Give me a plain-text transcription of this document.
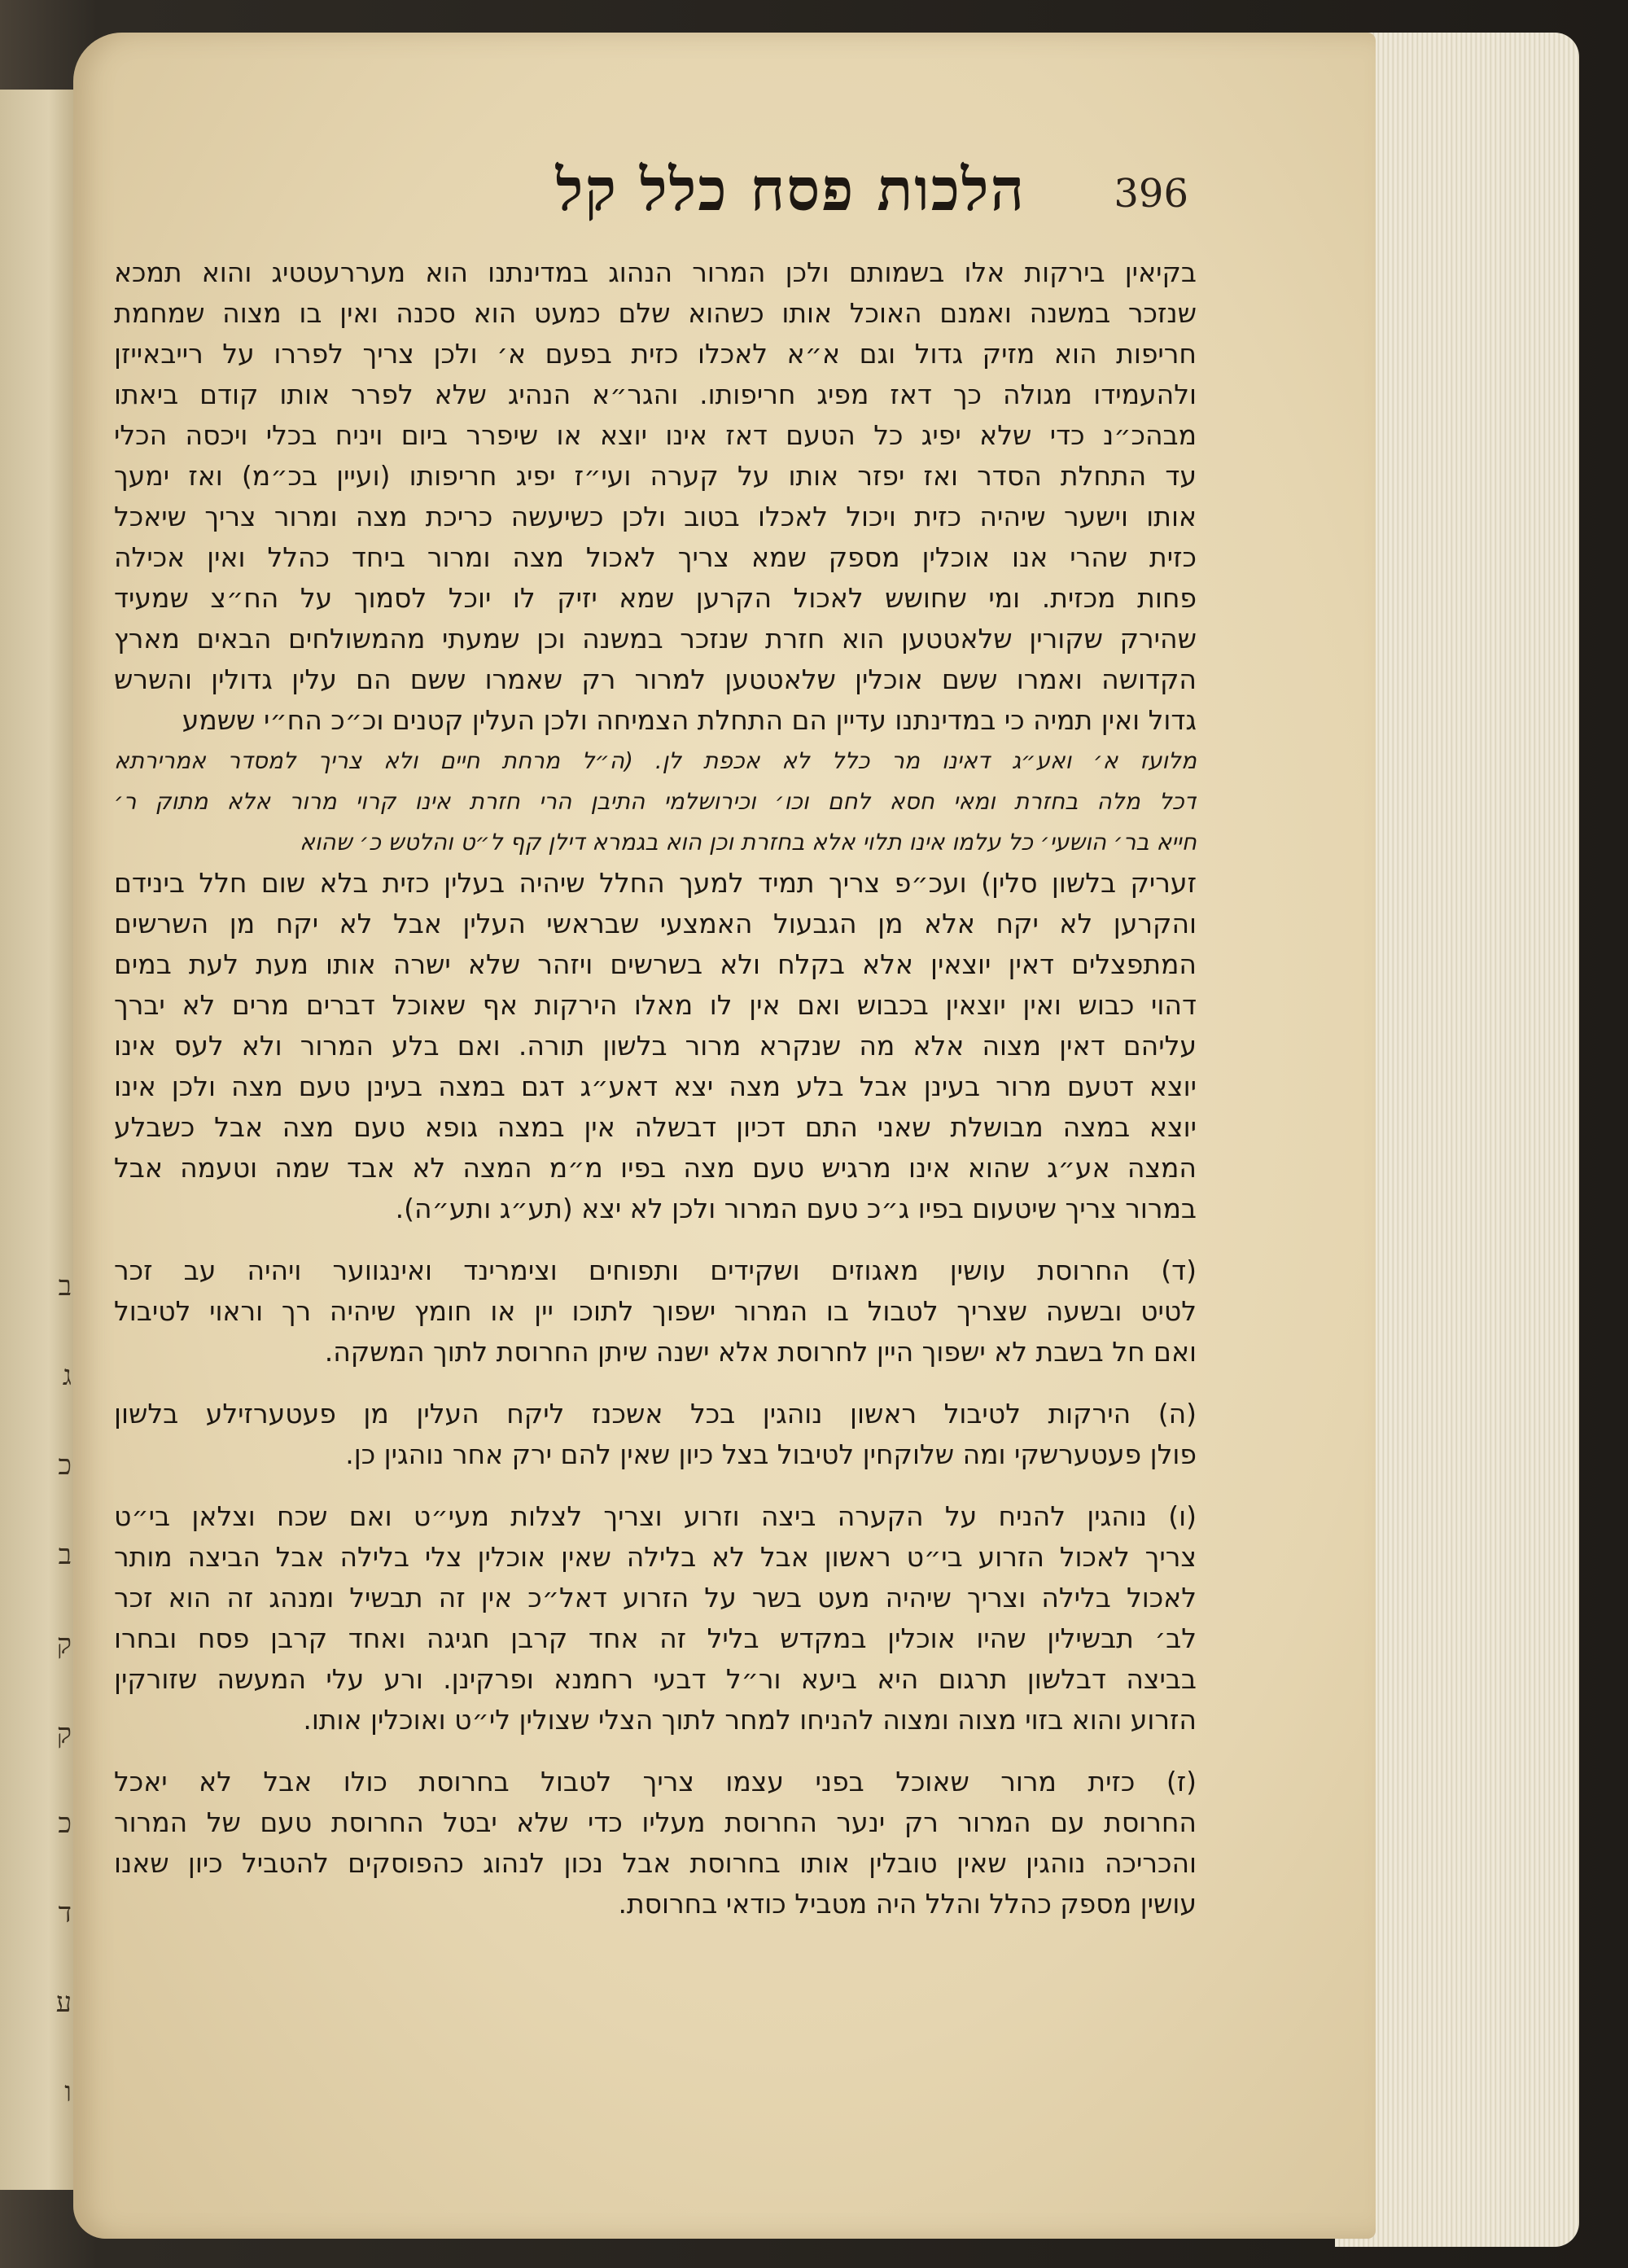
ב
ג
כ
ב
ק
ק
כ
ד
ע
ו
הלכות פסח כלל קל 396
בקיאין בירקות אלו בשמותם ולכן המרור הנהוג במדינתנו הוא מעררעטטיג והוא תמכא
שנזכר במשנה ואמנם האוכל אותו כשהוא שלם כמעט הוא סכנה ואין בו מצוה שמחמת
חריפות הוא מזיק גדול וגם א״א לאכלו כזית בפעם א׳ ולכן צריך לפררו על רייבאייזן
ולהעמידו מגולה כך דאז מפיג חריפותו. והגר״א הנהיג שלא לפרר אותו קודם ביאתו
מבהכ״נ כדי שלא יפיג כל הטעם דאז אינו יוצא או שיפרר ביום ויניח בכלי ויכסה הכלי
עד התחלת הסדר ואז יפזר אותו על קערה ועי״ז יפיג חריפותו (ועיין בכ״מ) ואז ימעך
אותו וישער שיהיה כזית ויכול לאכלו בטוב ולכן כשיעשה כריכת מצה ומרור צריך שיאכל
כזית שהרי אנו אוכלין מספק שמא צריך לאכול מצה ומרור ביחד כהלל ואין אכילה
פחות מכזית. ומי שחושש לאכול הקרען שמא יזיק לו יוכל לסמוך על הח״צ שמעיד
שהירק שקורין שלאטטען הוא חזרת שנזכר במשנה וכן שמעתי מהמשולחים הבאים מארץ
הקדושה ואמרו ששם אוכלין שלאטטען למרור רק שאמרו ששם הם עלין גדולין והשרש
גדול ואין תמיה כי במדינתנו עדיין הם התחלת הצמיחה ולכן העלין קטנים וכ״כ הח״י ששמע
מלועז א׳ ואע״ג דאינו מר כלל לא אכפת לן. (ה״ל מרחת חיים ולא צריך למסדר אמרירתא
דכל מלה בחזרת ומאי חסא לחם וכו׳ וכירושלמי התיבן הרי חזרת אינו קרוי מרור אלא מתוק ר׳
חייא בר׳ הושעי׳ כל עלמו אינו תלוי אלא בחזרת וכן הוא בגמרא דילן קף ל״ט והלטש כ׳ שהוא
זעריק בלשון סלין) ועכ״פ צריך תמיד למעך החלל שיהיה בעלין כזית בלא שום חלל בינידם
והקרען לא יקח אלא מן הגבעול האמצעי שבראשי העלין אבל לא יקח מן השרשים
המתפצלים דאין יוצאין אלא בקלח ולא בשרשים ויזהר שלא ישרה אותו מעת לעת במים
דהוי כבוש ואין יוצאין בכבוש ואם אין לו מאלו הירקות אף שאוכל דברים מרים לא יברך
עליהם דאין מצוה אלא מה שנקרא מרור בלשון תורה. ואם בלע המרור ולא לעס אינו
יוצא דטעם מרור בעינן אבל בלע מצה יצא דאע״ג דגם במצה בעינן טעם מצה ולכן אינו
יוצא במצה מבושלת שאני התם דכיון דבשלה אין במצה גופא טעם מצה אבל כשבלע
המצה אע״ג שהוא אינו מרגיש טעם מצה בפיו מ״מ המצה לא אבד שמה וטעמה אבל
במרור צריך שיטעום בפיו ג״כ טעם המרור ולכן לא יצא (תע״ג ותע״ה).
(ד) החרוסת עושין מאגוזים ושקידים ותפוחים וצימרינד ואינגווער ויהיה עב זכר
לטיט ובשעה שצריך לטבול בו המרור ישפוך לתוכו יין או חומץ שיהיה רך וראוי לטיבול
ואם חל בשבת לא ישפוך היין לחרוסת אלא ישנה שיתן החרוסת לתוך המשקה.
(ה) הירקות לטיבול ראשון נוהגין בכל אשכנז ליקח העלין מן פעטערזילע בלשון
פולן פעטערשקי ומה שלוקחין לטיבול בצל כיון שאין להם ירק אחר נוהגין כן.
(ו) נוהגין להניח על הקערה ביצה וזרוע וצריך לצלות מעי״ט ואם שכח וצלאן בי״ט
צריך לאכול הזרוע בי״ט ראשון אבל לא בלילה שאין אוכלין צלי בלילה אבל הביצה מותר
לאכול בלילה וצריך שיהיה מעט בשר על הזרוע דאל״כ אין זה תבשיל ומנהג זה הוא זכר
לב׳ תבשילין שהיו אוכלין במקדש בליל זה אחד קרבן חגיגה ואחד קרבן פסח ובחרו
בביצה דבלשון תרגום היא ביעא ור״ל דבעי רחמנא ופרקינן. ורע עלי המעשה שזורקין
הזרוע והוא בזוי מצוה ומצוה להניחו למחר לתוך הצלי שצולין לי״ט ואוכלין אותו.
(ז) כזית מרור שאוכל בפני עצמו צריך לטבול בחרוסת כולו אבל לא יאכל
החרוסת עם המרור רק ינער החרוסת מעליו כדי שלא יבטל החרוסת טעם של המרור
והכריכה נוהגין שאין טובלין אותו בחרוסת אבל נכון לנהוג כהפוסקים להטביל כיון שאנו
עושין מספק כהלל והלל היה מטביל כודאי בחרוסת.
